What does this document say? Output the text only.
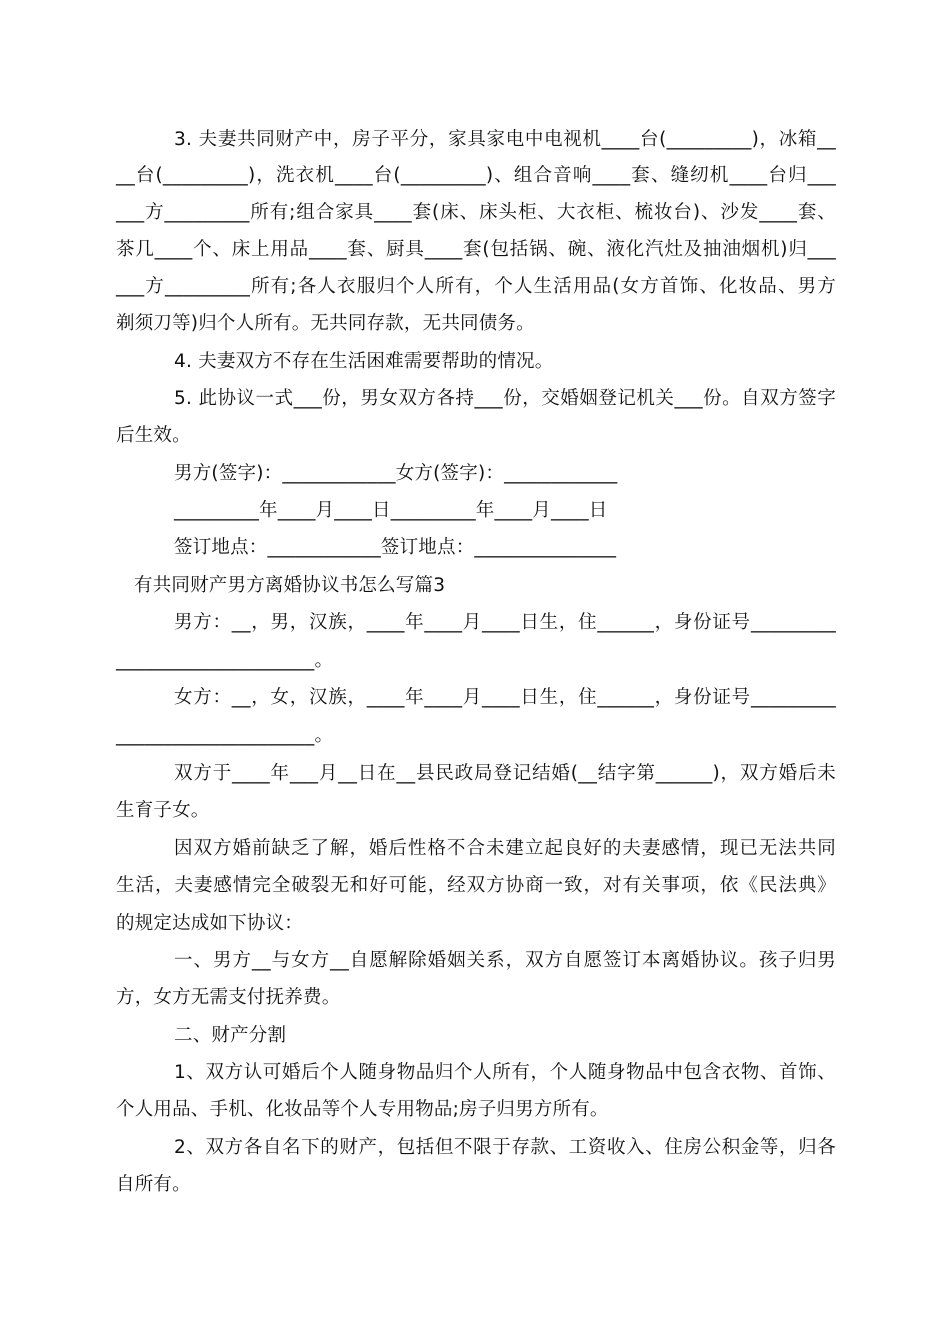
3. 夫妻共同财产中，房子平分，家具家电中电视机____台(_________)，冰箱__
__台(_________)，洗衣机____台(_________)、组合音响____套、缝纫机____台归___
___方_________所有;组合家具____套(床、床头柜、大衣柜、梳妆台)、沙发____套、
茶几____个、床上用品____套、厨具____套(包括锅、碗、液化汽灶及抽油烟机)归___
___方_________所有;各人衣服归个人所有，个人生活用品(女方首饰、化妆品、男方
剃须刀等)归个人所有。无共同存款，无共同债务。
4. 夫妻双方不存在生活困难需要帮助的情况。
5. 此协议一式___份，男女双方各持___份，交婚姻登记机关___份。自双方签字
后生效。
男方(签字)：____________女方(签字)：____________
_________年____月____日_________年____月____日
签订地点：____________签订地点：_______________
有共同财产男方离婚协议书怎么写篇3
男方：__，男，汉族，____年____月____日生，住______，身份证号_________
_____________________。
女方：__，女，汉族，____年____月____日生，住______，身份证号_________
_____________________。
双方于____年___月__日在__县民政局登记结婚(__结字第______)，双方婚后未
生育子女。
因双方婚前缺乏了解，婚后性格不合未建立起良好的夫妻感情，现已无法共同
生活，夫妻感情完全破裂无和好可能，经双方协商一致，对有关事项，依《民法典》
的规定达成如下协议：
一、男方__与女方__自愿解除婚姻关系，双方自愿签订本离婚协议。孩子归男
方，女方无需支付抚养费。
二、财产分割
1、双方认可婚后个人随身物品归个人所有，个人随身物品中包含衣物、首饰、
个人用品、手机、化妆品等个人专用物品;房子归男方所有。
2、双方各自名下的财产，包括但不限于存款、工资收入、住房公积金等，归各
自所有。
